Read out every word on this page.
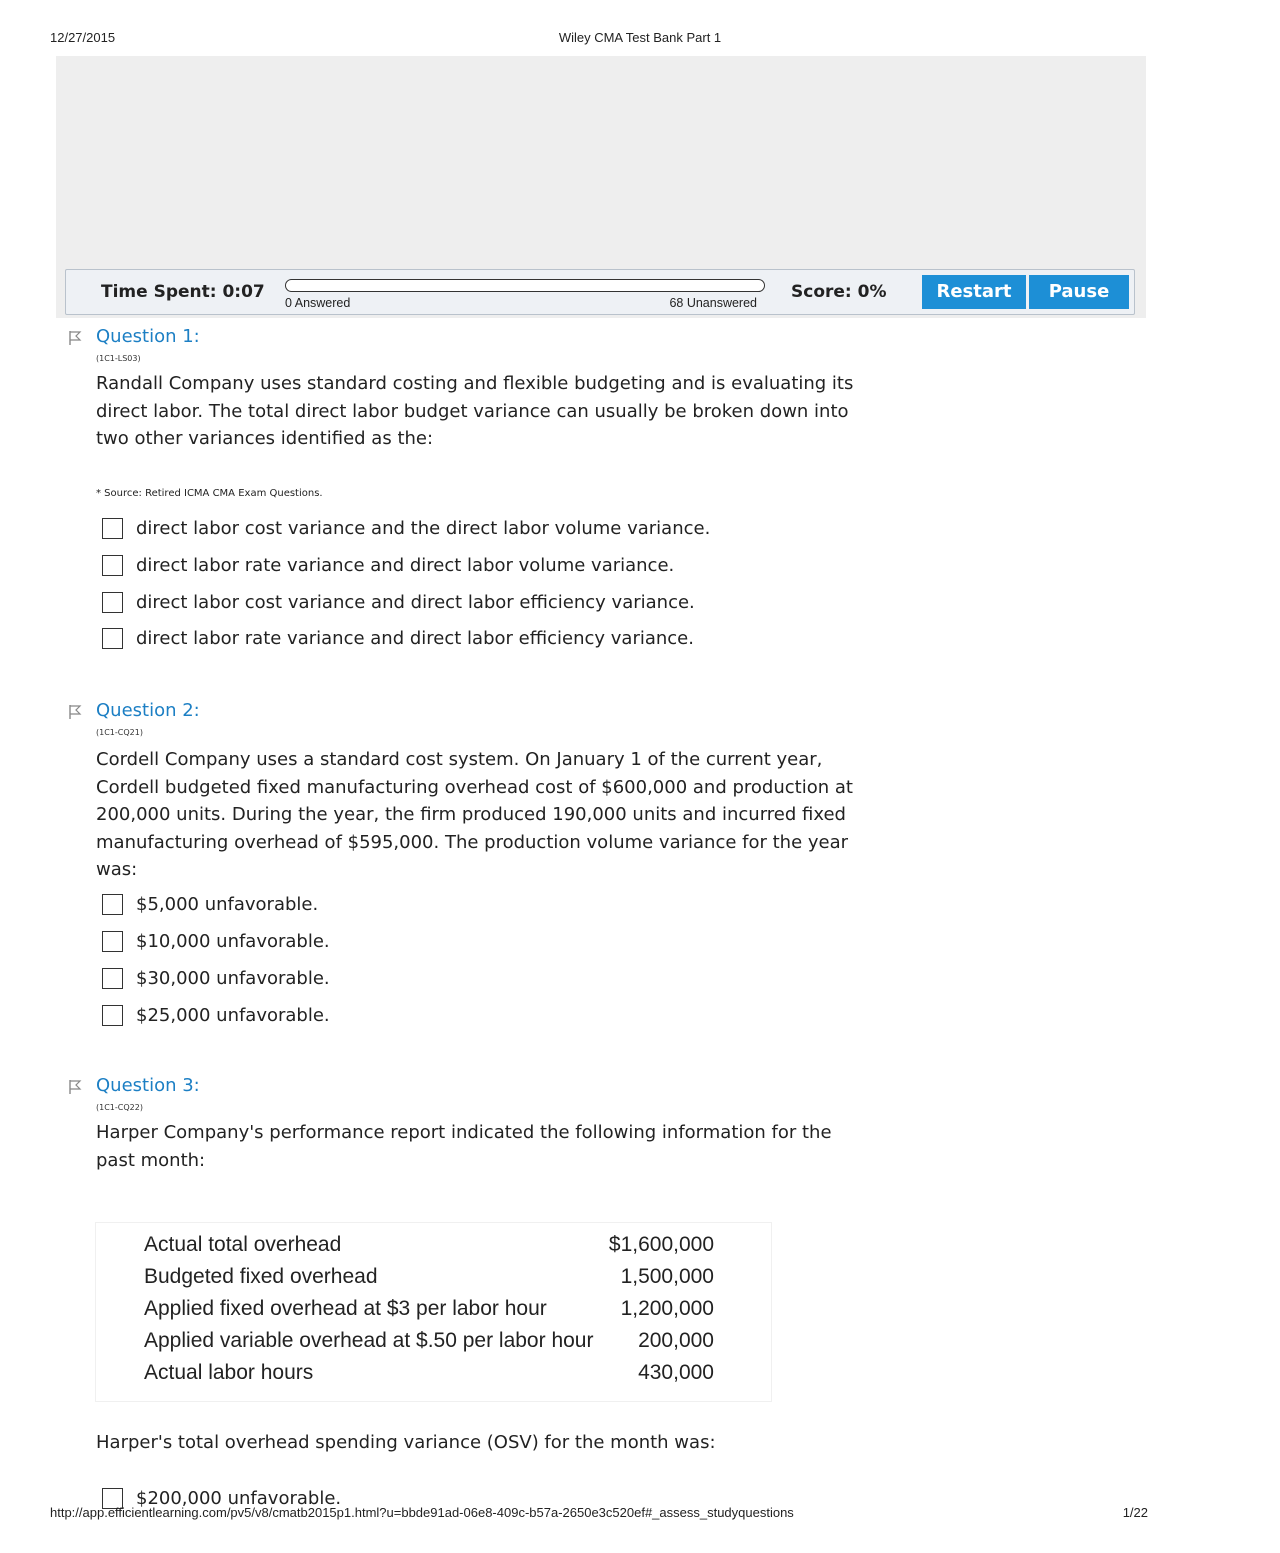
12/27/2015	Wiley CMA Test Bank Part 1
Time Spent: 0:07
0 Answered	68 Unanswered
Score: 0%	Restart	Pause
Question 1:
(1C1-LS03)
Randall Company uses standard costing and flexible budgeting and is evaluating its direct labor. The total direct labor budget variance can usually be broken down into two other variances identified as the:
* Source: Retired ICMA CMA Exam Questions.
direct labor cost variance and the direct labor volume variance.
direct labor rate variance and direct labor volume variance.
direct labor cost variance and direct labor efficiency variance.
direct labor rate variance and direct labor efficiency variance.
Question 2:
(1C1-CQ21)
Cordell Company uses a standard cost system. On January 1 of the current year, Cordell budgeted fixed manufacturing overhead cost of $600,000 and production at 200,000 units. During the year, the firm produced 190,000 units and incurred fixed manufacturing overhead of $595,000. The production volume variance for the year was:
$5,000 unfavorable.
$10,000 unfavorable.
$30,000 unfavorable.
$25,000 unfavorable.
Question 3:
(1C1-CQ22)
Harper Company's performance report indicated the following information for the past month:
Actual total overhead	$1,600,000
Budgeted fixed overhead	1,500,000
Applied fixed overhead at $3 per labor hour	1,200,000
Applied variable overhead at $.50 per labor hour 200,000
Actual labor hours	430,000
Harper's total overhead spending variance (OSV) for the month was:
$200,000 unfavorable.
http://app.efficientlearning.com/pv5/v8/cmatb2015p1.html?u=bbde91ad-06e8-409c-b57a-2650e3c520ef#_assess_studyquestions	1/22
